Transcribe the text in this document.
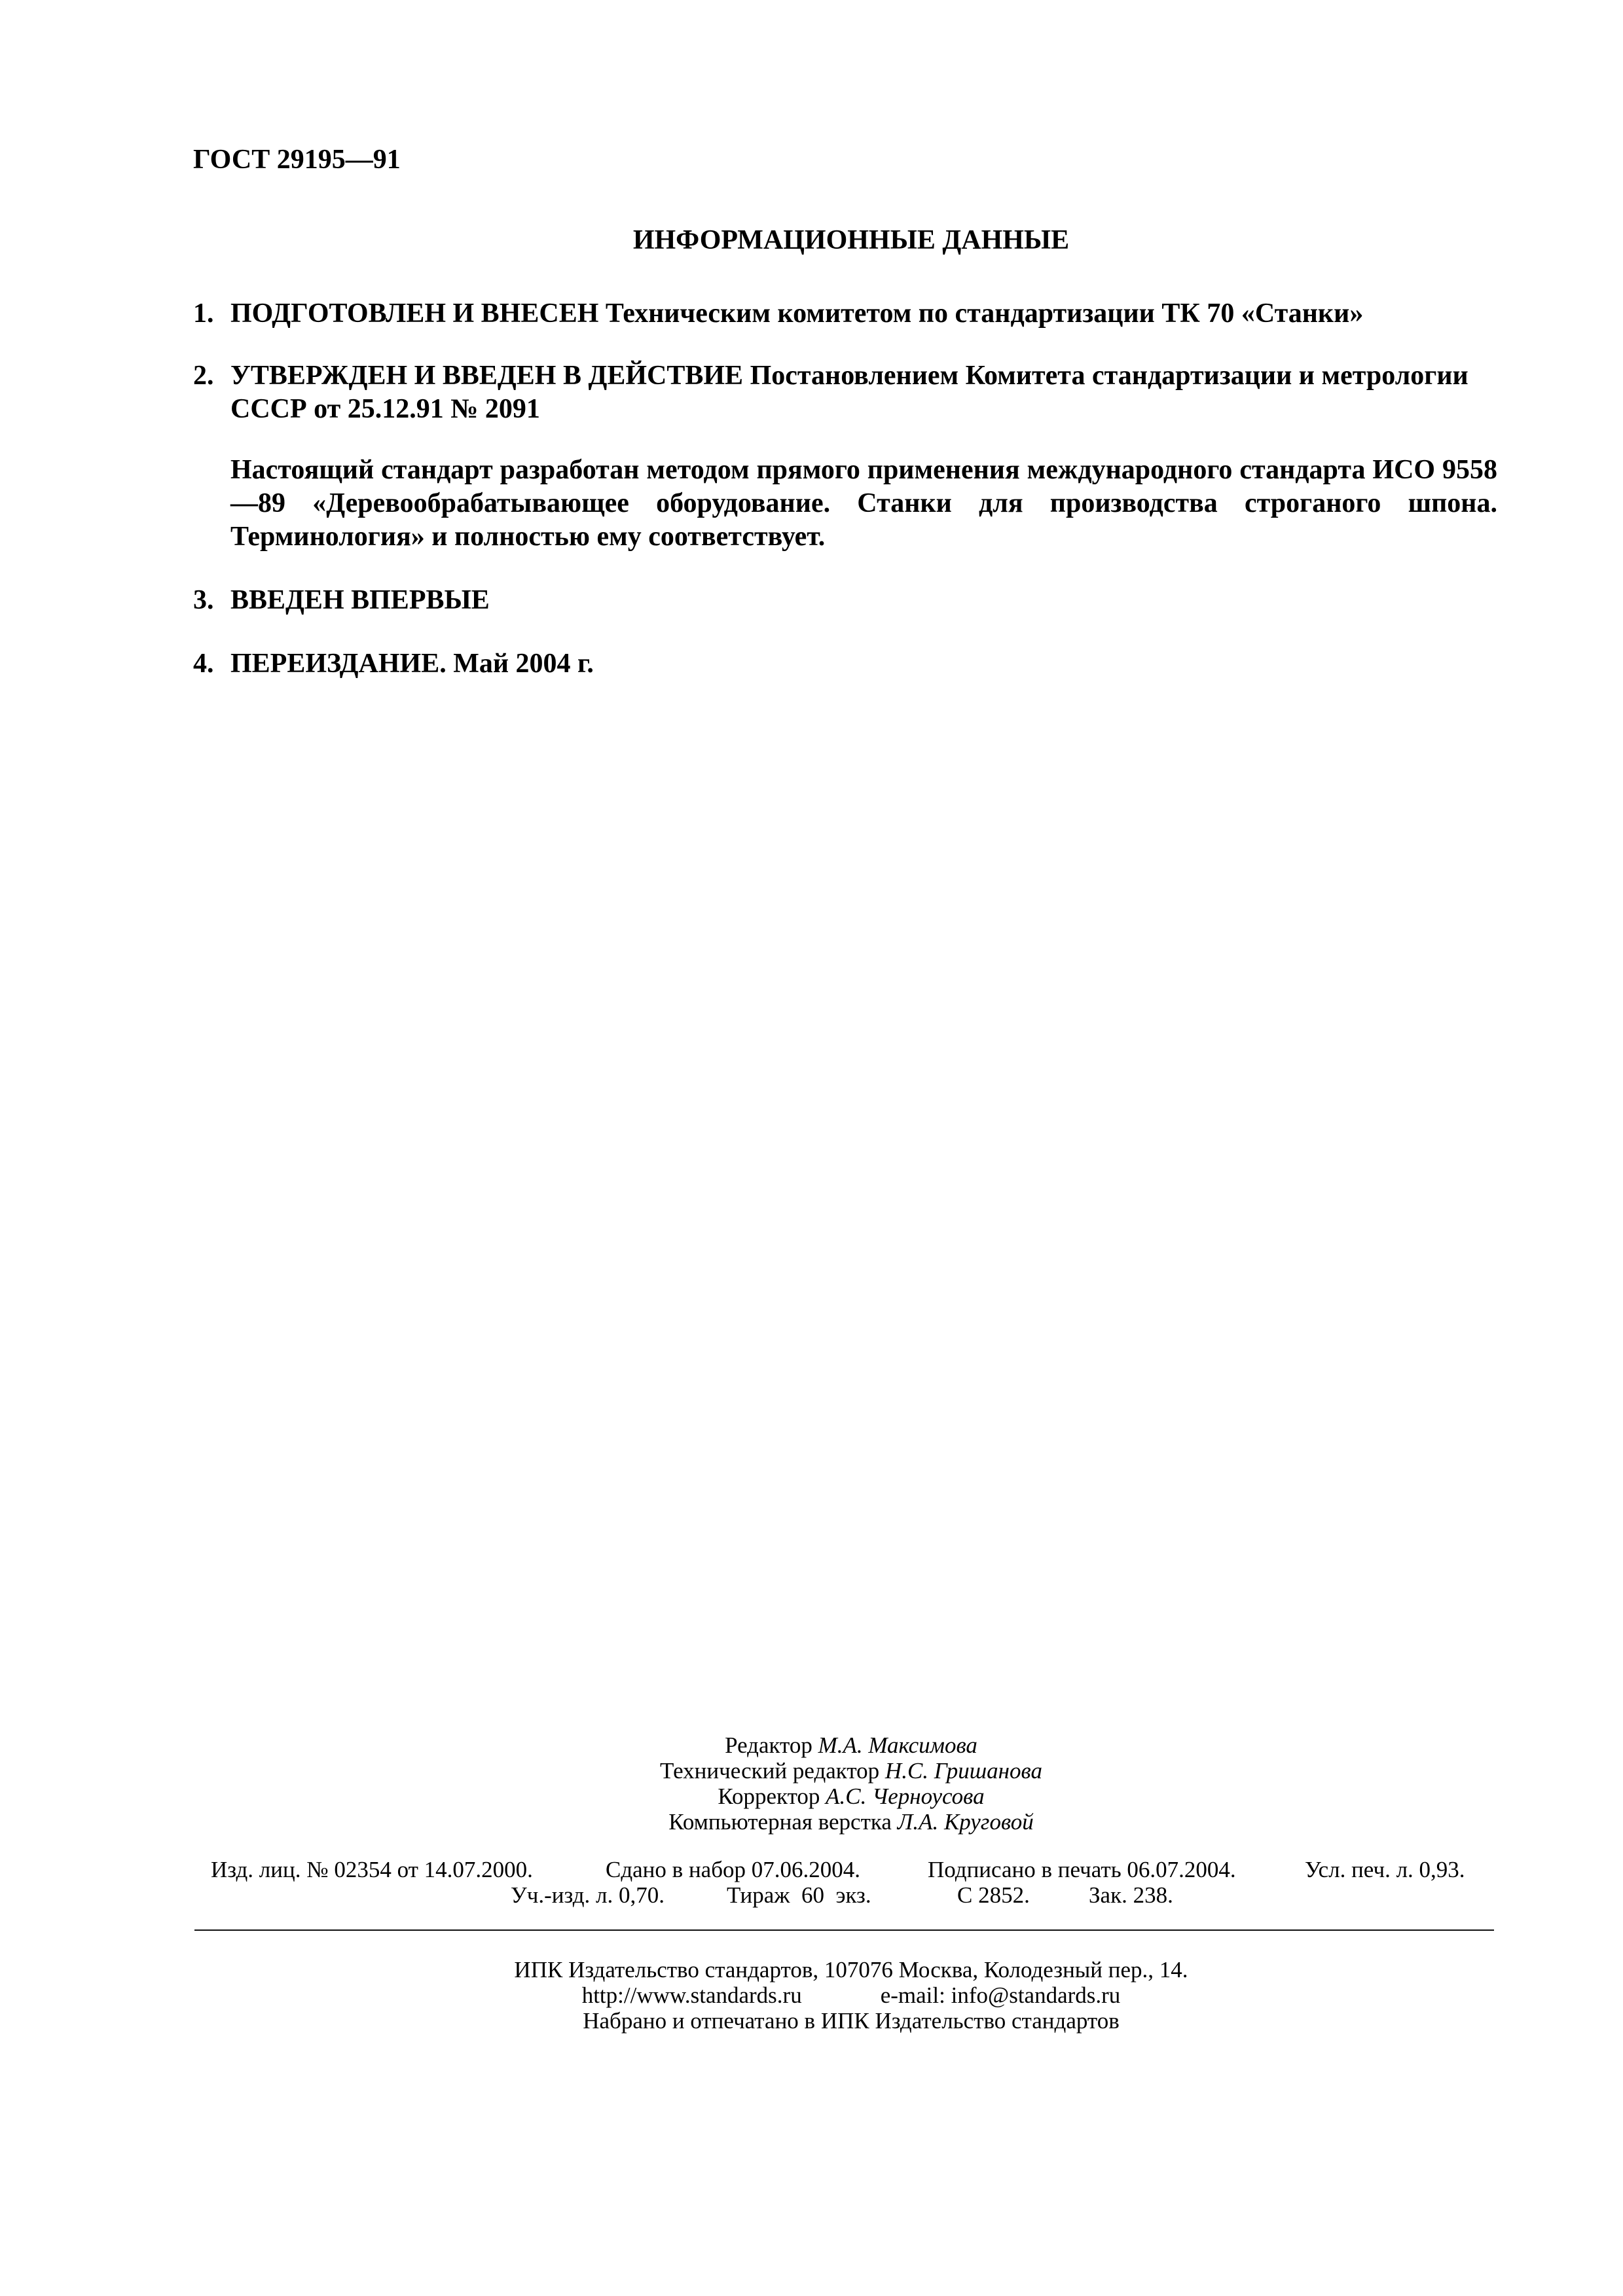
ГОСТ 29195—91
ИНФОРМАЦИОННЫЕ ДАННЫЕ
1. ПОДГОТОВЛЕН И ВНЕСЕН Техническим комитетом по стандартизации ТК 70 «Станки»
2. УТВЕРЖДЕН И ВВЕДЕН В ДЕЙСТВИЕ Постановлением Комитета стандартизации и метрологии
СССР от 25.12.91 № 2091
Настоящий стандарт разработан методом прямого применения международного стандарта ИСО 9558—89 «Деревообрабатывающее оборудование. Станки для производства строганого шпона. Терминология» и полностью ему соответствует.
3. ВВЕДЕН ВПЕРВЫЕ
4. ПЕРЕИЗДАНИЕ. Май 2004 г.
Редактор М.А. Максимова
Технический редактор Н.С. Гришанова
Корректор А.С. Черноусова
Компьютерная верстка Л.А. Круговой
Изд. лиц. № 02354 от 14.07.2000.	Сдано в набор 07.06.2004.	Подписано в печать 06.07.2004.	Усл. печ. л. 0,93.
Уч.-изд. л. 0,70.	Тираж  60  экз.	С 2852.	Зак. 238.
ИПК Издательство стандартов, 107076 Москва, Колодезный пер., 14.
http://www.standards.ru	e-mail: info@standards.ru
Набрано и отпечатано в ИПК Издательство стандартов
